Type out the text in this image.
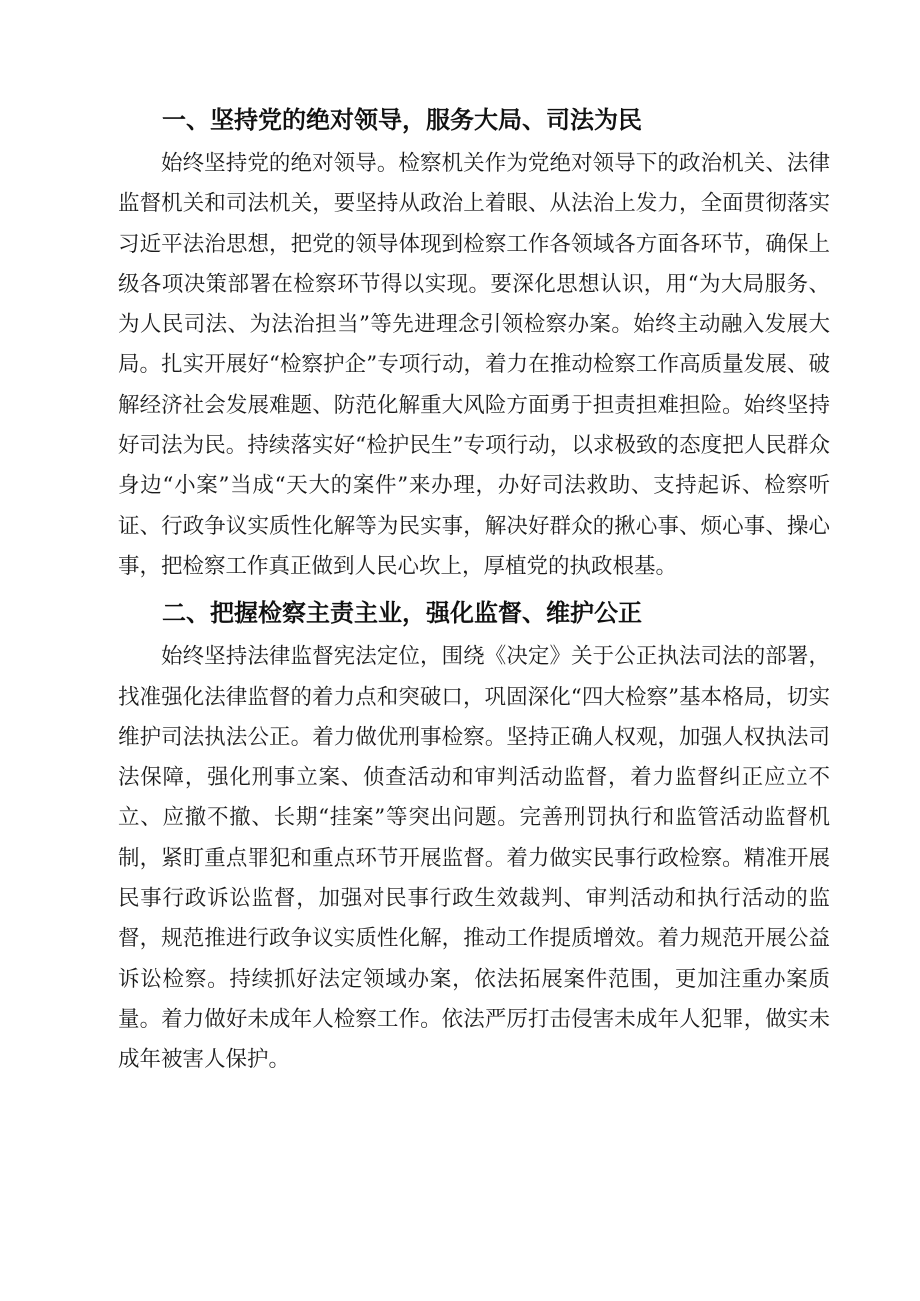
一、坚持党的绝对领导，服务大局、司法为民

始终坚持党的绝对领导。检察机关作为党绝对领导下的政治机关、法律监督机关和司法机关，要坚持从政治上着眼、从法治上发力，全面贯彻落实习近平法治思想，把党的领导体现到检察工作各领域各方面各环节，确保上级各项决策部署在检察环节得以实现。要深化思想认识，用“为大局服务、为人民司法、为法治担当”等先进理念引领检察办案。始终主动融入发展大局。扎实开展好“检察护企”专项行动，着力在推动检察工作高质量发展、破解经济社会发展难题、防范化解重大风险方面勇于担责担难担险。始终坚持好司法为民。持续落实好“检护民生”专项行动，以求极致的态度把人民群众身边“小案”当成“天大的案件”来办理，办好司法救助、支持起诉、检察听证、行政争议实质性化解等为民实事，解决好群众的揪心事、烦心事、操心事，把检察工作真正做到人民心坎上，厚植党的执政根基。

二、把握检察主责主业，强化监督、维护公正

始终坚持法律监督宪法定位，围绕《决定》关于公正执法司法的部署，找准强化法律监督的着力点和突破口，巩固深化“四大检察”基本格局，切实维护司法执法公正。着力做优刑事检察。坚持正确人权观，加强人权执法司法保障，强化刑事立案、侦查活动和审判活动监督，着力监督纠正应立不立、应撤不撤、长期“挂案”等突出问题。完善刑罚执行和监管活动监督机制，紧盯重点罪犯和重点环节开展监督。着力做实民事行政检察。精准开展民事行政诉讼监督，加强对民事行政生效裁判、审判活动和执行活动的监督，规范推进行政争议实质性化解，推动工作提质增效。着力规范开展公益诉讼检察。持续抓好法定领域办案，依法拓展案件范围，更加注重办案质量。着力做好未成年人检察工作。依法严厉打击侵害未成年人犯罪，做实未成年被害人保护。
